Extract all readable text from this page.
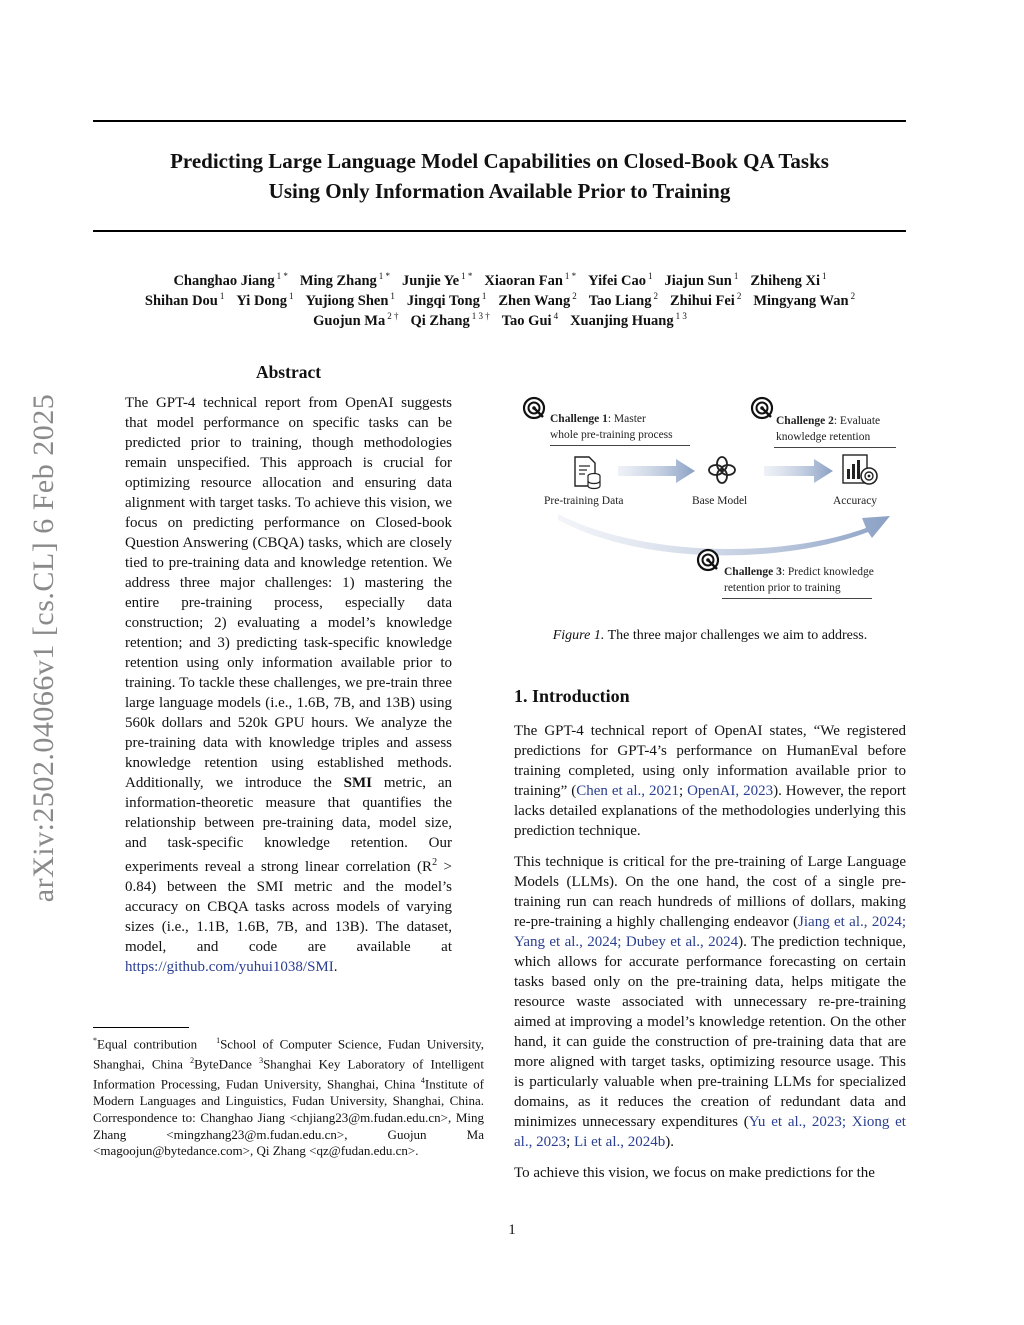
Predicting Large Language Model Capabilities on Closed-Book QA Tasks
Using Only Information Available Prior to Training
Changhao Jiang $^{1 *}$ Ming Zhang $^{1 *}$ Junjie Ye $^{1 *}$ Xiaoran Fan $^{1 *}$ Yifei Cao $^1$ Jiajun Sun $^1$ Zhiheng Xi $^1$
Shihan Dou $^1$ Yi Dong $^1$ Yujiong Shen $^1$ Jingqi Tong $^1$ Zhen Wang $^2$ Tao Liang $^2$ Zhihui Fei $^2$ Mingyang Wan $^2$
Guojun Ma $^{2 \dagger}$ Qi Zhang $^{1 3 \dagger}$ Tao Gui $^4$ Xuanjing Huang $^{1 3}$
arXiv:2502.04066v1 [cs.CL] 6 Feb 2025
Abstract

The GPT-4 technical report from OpenAI suggests that model performance on specific tasks can be predicted prior to training, though methodologies remain unspecified. This approach is crucial for optimizing resource allocation and ensuring data alignment with target tasks. To achieve this vision, we focus on predicting performance on Closed-book Question Answering (CBQA) tasks, which are closely tied to pre-training data and knowledge retention. We address three major challenges: 1) mastering the entire pre-training process, especially data construction; 2) evaluating a model’s knowledge retention; and 3) predicting task-specific knowledge retention using only information available prior to training. To tackle these challenges, we pre-train three large language models (i.e., 1.6B, 7B, and 13B) using 560k dollars and 520k GPU hours. We analyze the pre-training data with knowledge triples and assess knowledge retention using established methods. Additionally, we introduce the SMI metric, an information-theoretic measure that quantifies the relationship between pre-training data, model size, and task-specific knowledge retention. Our experiments reveal a strong linear correlation $(R^2 > 0.84)$ between the SMI metric and the model’s accuracy on CBQA tasks across models of varying sizes (i.e., 1.1B, 1.6B, 7B, and 13B). The dataset, model, and code are available at https://github.com/yuhui1038/SMI.

*Equal contribution $^1$School of Computer Science, Fudan University, Shanghai, China $^2$ByteDance $^3$Shanghai Key Laboratory of Intelligent Information Processing, Fudan University, Shanghai, China $^4$Institute of Modern Languages and Linguistics, Fudan University, Shanghai, China. Correspondence to: Changhao Jiang <chjiang23@m.fudan.edu.cn>, Ming Zhang <mingzhang23@m.fudan.edu.cn>, Guojun Ma <magoojun@bytedance.com>, Qi Zhang <qz@fudan.edu.cn>.
Challenge 1: Master
whole pre-training process
Challenge 2: Evaluate
knowledge retention
Pre-training Data	Base Model	Accuracy
Challenge 3: Predict knowledge
retention prior to training
Figure 1. The three major challenges we aim to address.
1. Introduction

The GPT-4 technical report of OpenAI states, “We registered predictions for GPT-4’s performance on HumanEval before training completed, using only information available prior to training” (Chen et al., 2021; OpenAI, 2023). However, the report lacks detailed explanations of the methodologies underlying this prediction technique.

This technique is critical for the pre-training of Large Language Models (LLMs). On the one hand, the cost of a single pre-training run can reach hundreds of millions of dollars, making re-pre-training a highly challenging endeavor (Jiang et al., 2024; Yang et al., 2024; Dubey et al., 2024). The prediction technique, which allows for accurate performance forecasting on certain tasks based only on the pre-training data, helps mitigate the resource waste associated with unnecessary re-pre-training aimed at improving a model’s knowledge retention. On the other hand, it can guide the construction of pre-training data that are more aligned with target tasks, optimizing resource usage. This is particularly valuable when pre-training LLMs for specialized domains, as it reduces the creation of redundant data and minimizes unnecessary expenditures (Yu et al., 2023; Xiong et al., 2023; Li et al., 2024b).

To achieve this vision, we focus on make predictions for the

1
